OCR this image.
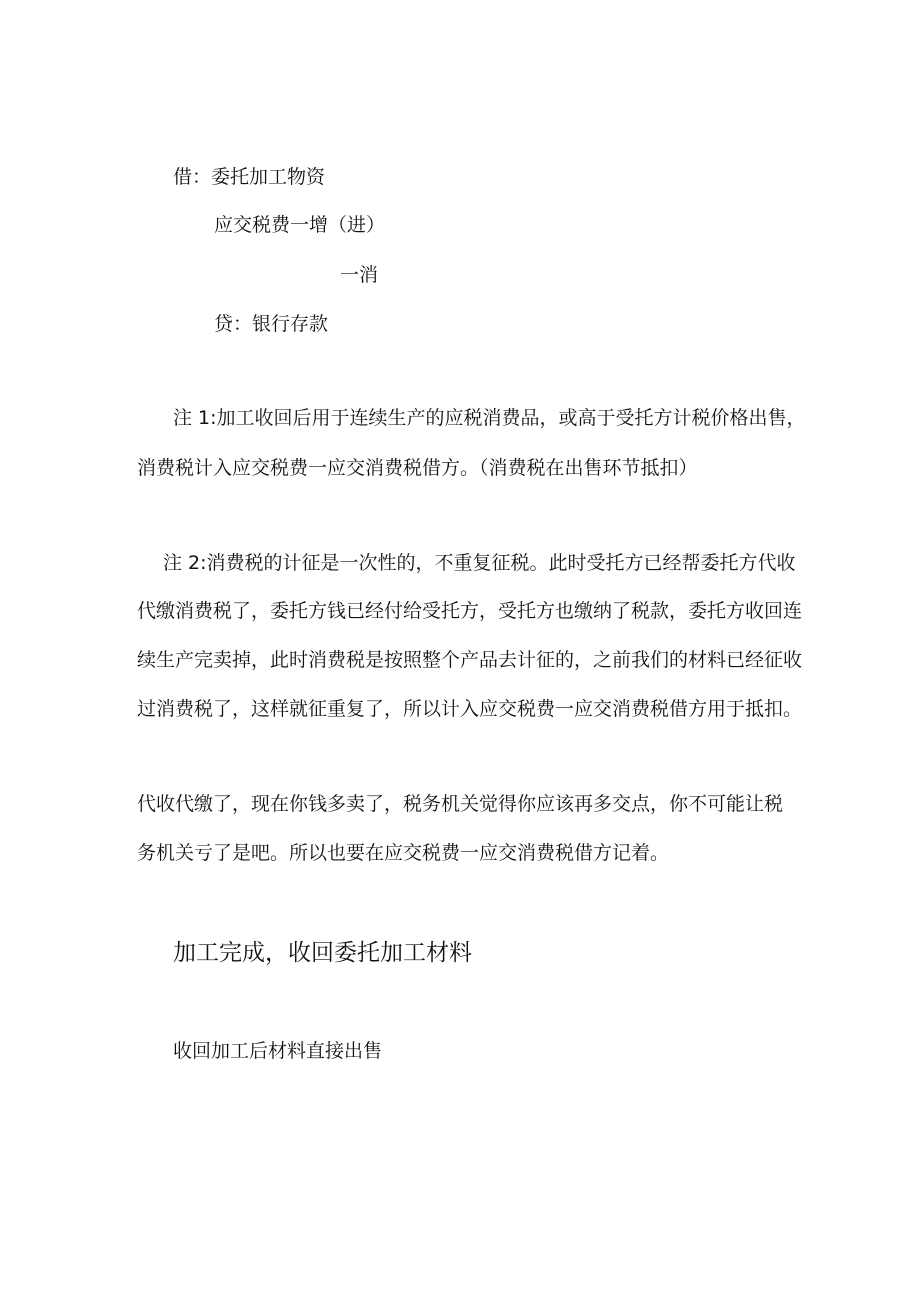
借：委托加工物资
应交税费一增（进）
一消
贷：银行存款
注 1:加工收回后用于连续生产的应税消费品，或高于受托方计税价格出售，
消费税计入应交税费一应交消费税借方。（消费税在出售环节抵扣）
注 2:消费税的计征是一次性的，不重复征税。此时受托方已经帮委托方代收
代缴消费税了，委托方钱已经付给受托方，受托方也缴纳了税款，委托方收回连
续生产完卖掉，此时消费税是按照整个产品去计征的，之前我们的材料已经征收
过消费税了，这样就征重复了，所以计入应交税费一应交消费税借方用于抵扣。
代收代缴了，现在你钱多卖了，税务机关觉得你应该再多交点，你不可能让税
务机关亏了是吧。所以也要在应交税费一应交消费税借方记着。
加工完成，收回委托加工材料
收回加工后材料直接出售
